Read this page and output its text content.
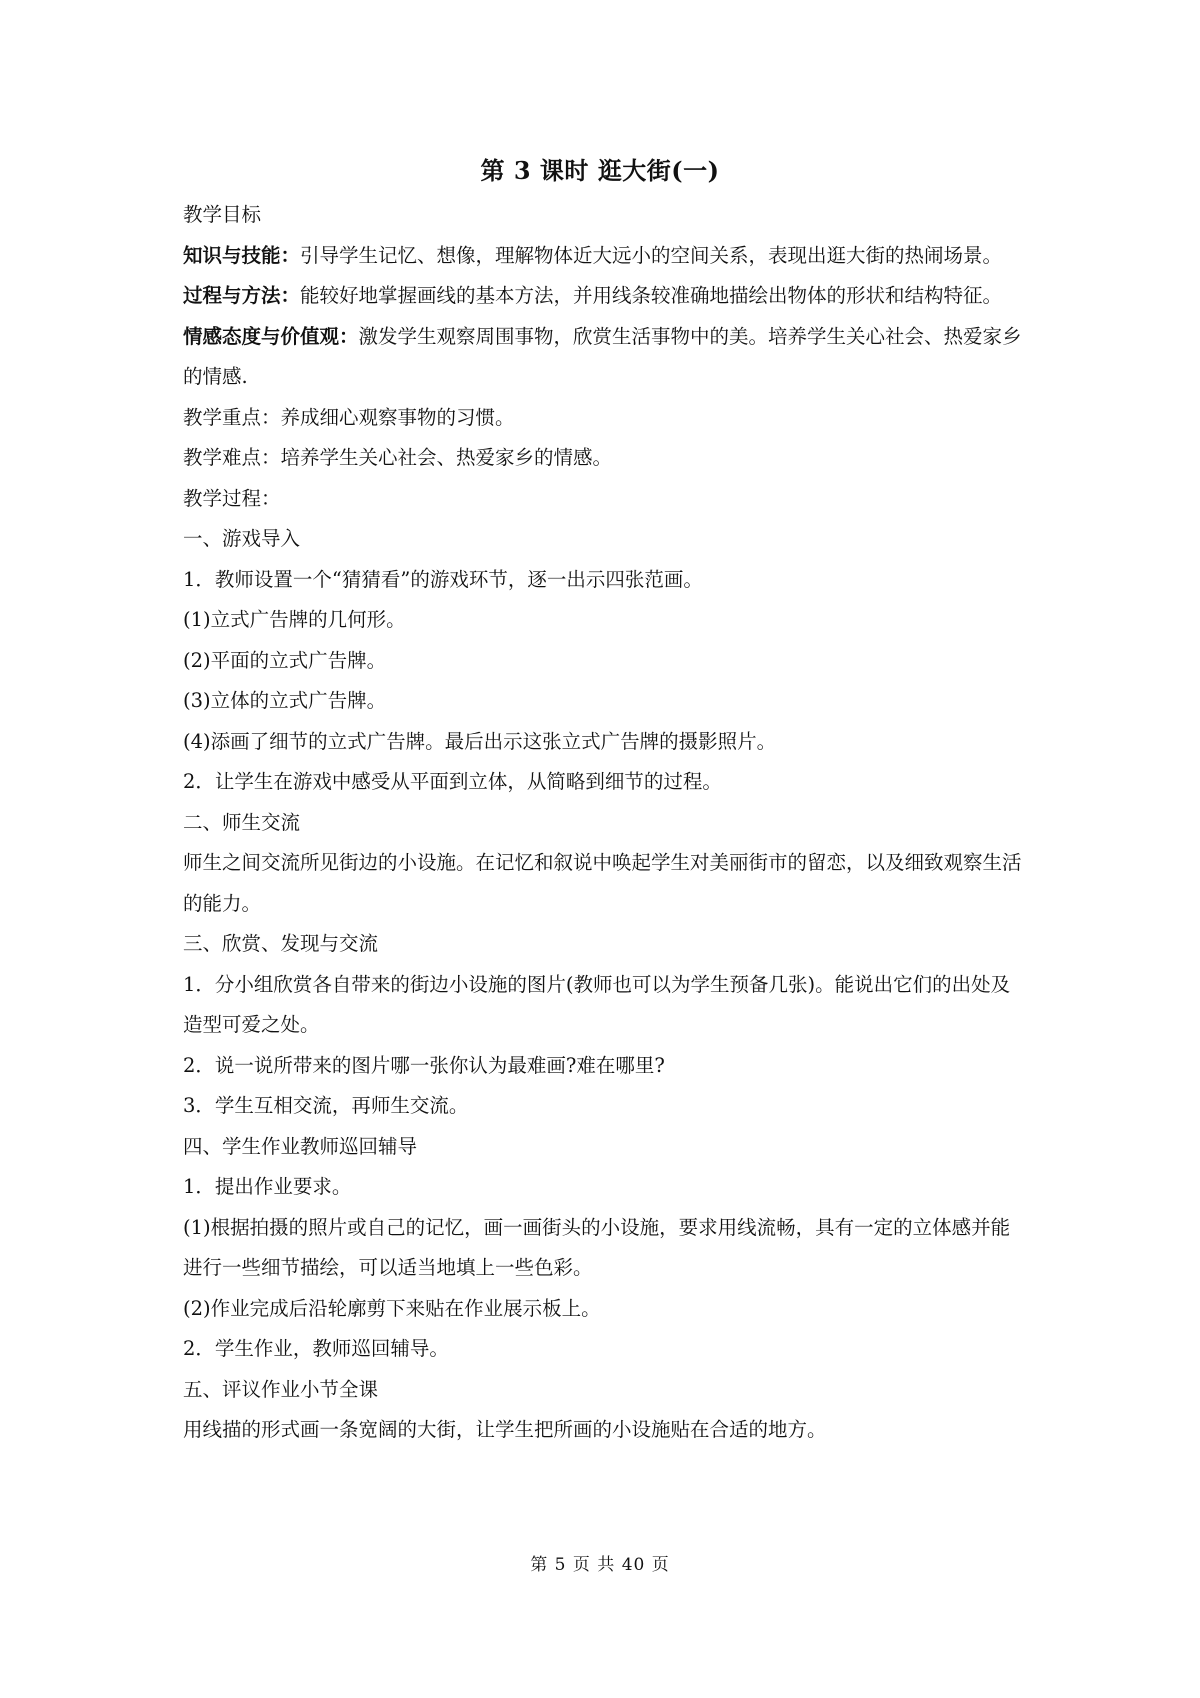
第 3 课时 逛大街(一)

教学目标

知识与技能：引导学生记忆、想像，理解物体近大远小的空间关系，表现出逛大街的热闹场景。

过程与方法：能较好地掌握画线的基本方法，并用线条较准确地描绘出物体的形状和结构特征。

情感态度与价值观：激发学生观察周围事物，欣赏生活事物中的美。培养学生关心社会、热爱家乡的情感.

教学重点：养成细心观察事物的习惯。

教学难点：培养学生关心社会、热爱家乡的情感。

教学过程：

一、游戏导入

1．教师设置一个“猜猜看”的游戏环节，逐一出示四张范画。

(1)立式广告牌的几何形。

(2)平面的立式广告牌。

(3)立体的立式广告牌。

(4)添画了细节的立式广告牌。最后出示这张立式广告牌的摄影照片。

2．让学生在游戏中感受从平面到立体，从简略到细节的过程。

二、师生交流

师生之间交流所见街边的小设施。在记忆和叙说中唤起学生对美丽街市的留恋，以及细致观察生活的能力。

三、欣赏、发现与交流

1．分小组欣赏各自带来的街边小设施的图片(教师也可以为学生预备几张)。能说出它们的出处及造型可爱之处。

2．说一说所带来的图片哪一张你认为最难画?难在哪里?

3．学生互相交流，再师生交流。

四、学生作业教师巡回辅导

1．提出作业要求。

(1)根据拍摄的照片或自己的记忆，画一画街头的小设施，要求用线流畅，具有一定的立体感并能进行一些细节描绘，可以适当地填上一些色彩。

(2)作业完成后沿轮廓剪下来贴在作业展示板上。

2．学生作业，教师巡回辅导。

五、评议作业小节全课

用线描的形式画一条宽阔的大街，让学生把所画的小设施贴在合适的地方。

第 5 页 共 40 页
